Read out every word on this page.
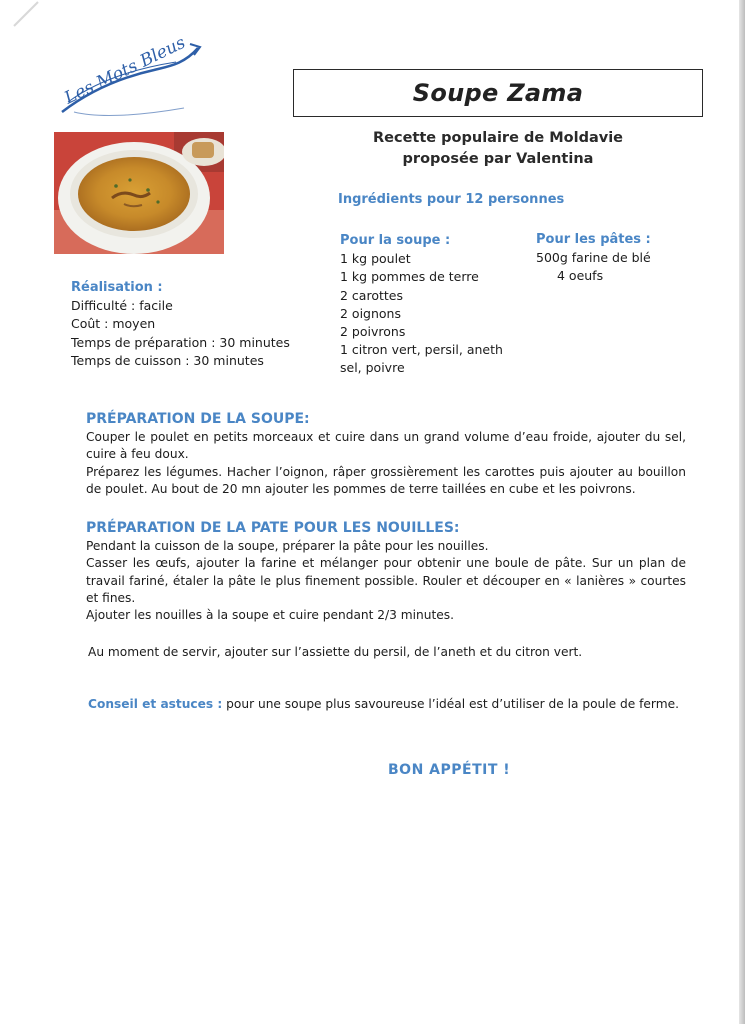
Les Mots Bleus	Soupe Zama
Recette populaire de Moldavie
proposée par Valentina
Ingrédients pour 12 personnes
Pour la soupe :
1 kg poulet
1 kg pommes de terre
2 carottes
2 oignons
2 poivrons
1 citron vert, persil, aneth
sel, poivre
Pour les pâtes :
500g farine de blé
4 oeufs
Réalisation :
Difficulté : facile
Coût : moyen
Temps de préparation : 30 minutes
Temps de cuisson : 30 minutes
PRÉPARATION DE LA SOUPE:

Couper le poulet en petits morceaux et cuire dans un grand volume d’eau froide, ajouter du sel, cuire à feu doux.

Préparez les légumes. Hacher l’oignon, râper grossièrement les carottes puis ajouter au bouillon de poulet. Au bout de 20 mn ajouter les pommes de terre taillées en cube et les poivrons.

PRÉPARATION DE LA PATE POUR LES NOUILLES:

Pendant la cuisson de la soupe, préparer la pâte pour les nouilles.

Casser les œufs, ajouter la farine et mélanger pour obtenir une boule de pâte. Sur un plan de travail fariné, étaler la pâte le plus finement possible. Rouler et découper en « lanières » courtes et fines.

Ajouter les nouilles à la soupe et cuire pendant 2/3 minutes.

Au moment de servir, ajouter sur l’assiette du persil, de l’aneth et du citron vert.
Conseil et astuces : pour une soupe plus savoureuse l’idéal est d’utiliser de la poule de ferme.
BON APPÉTIT !
